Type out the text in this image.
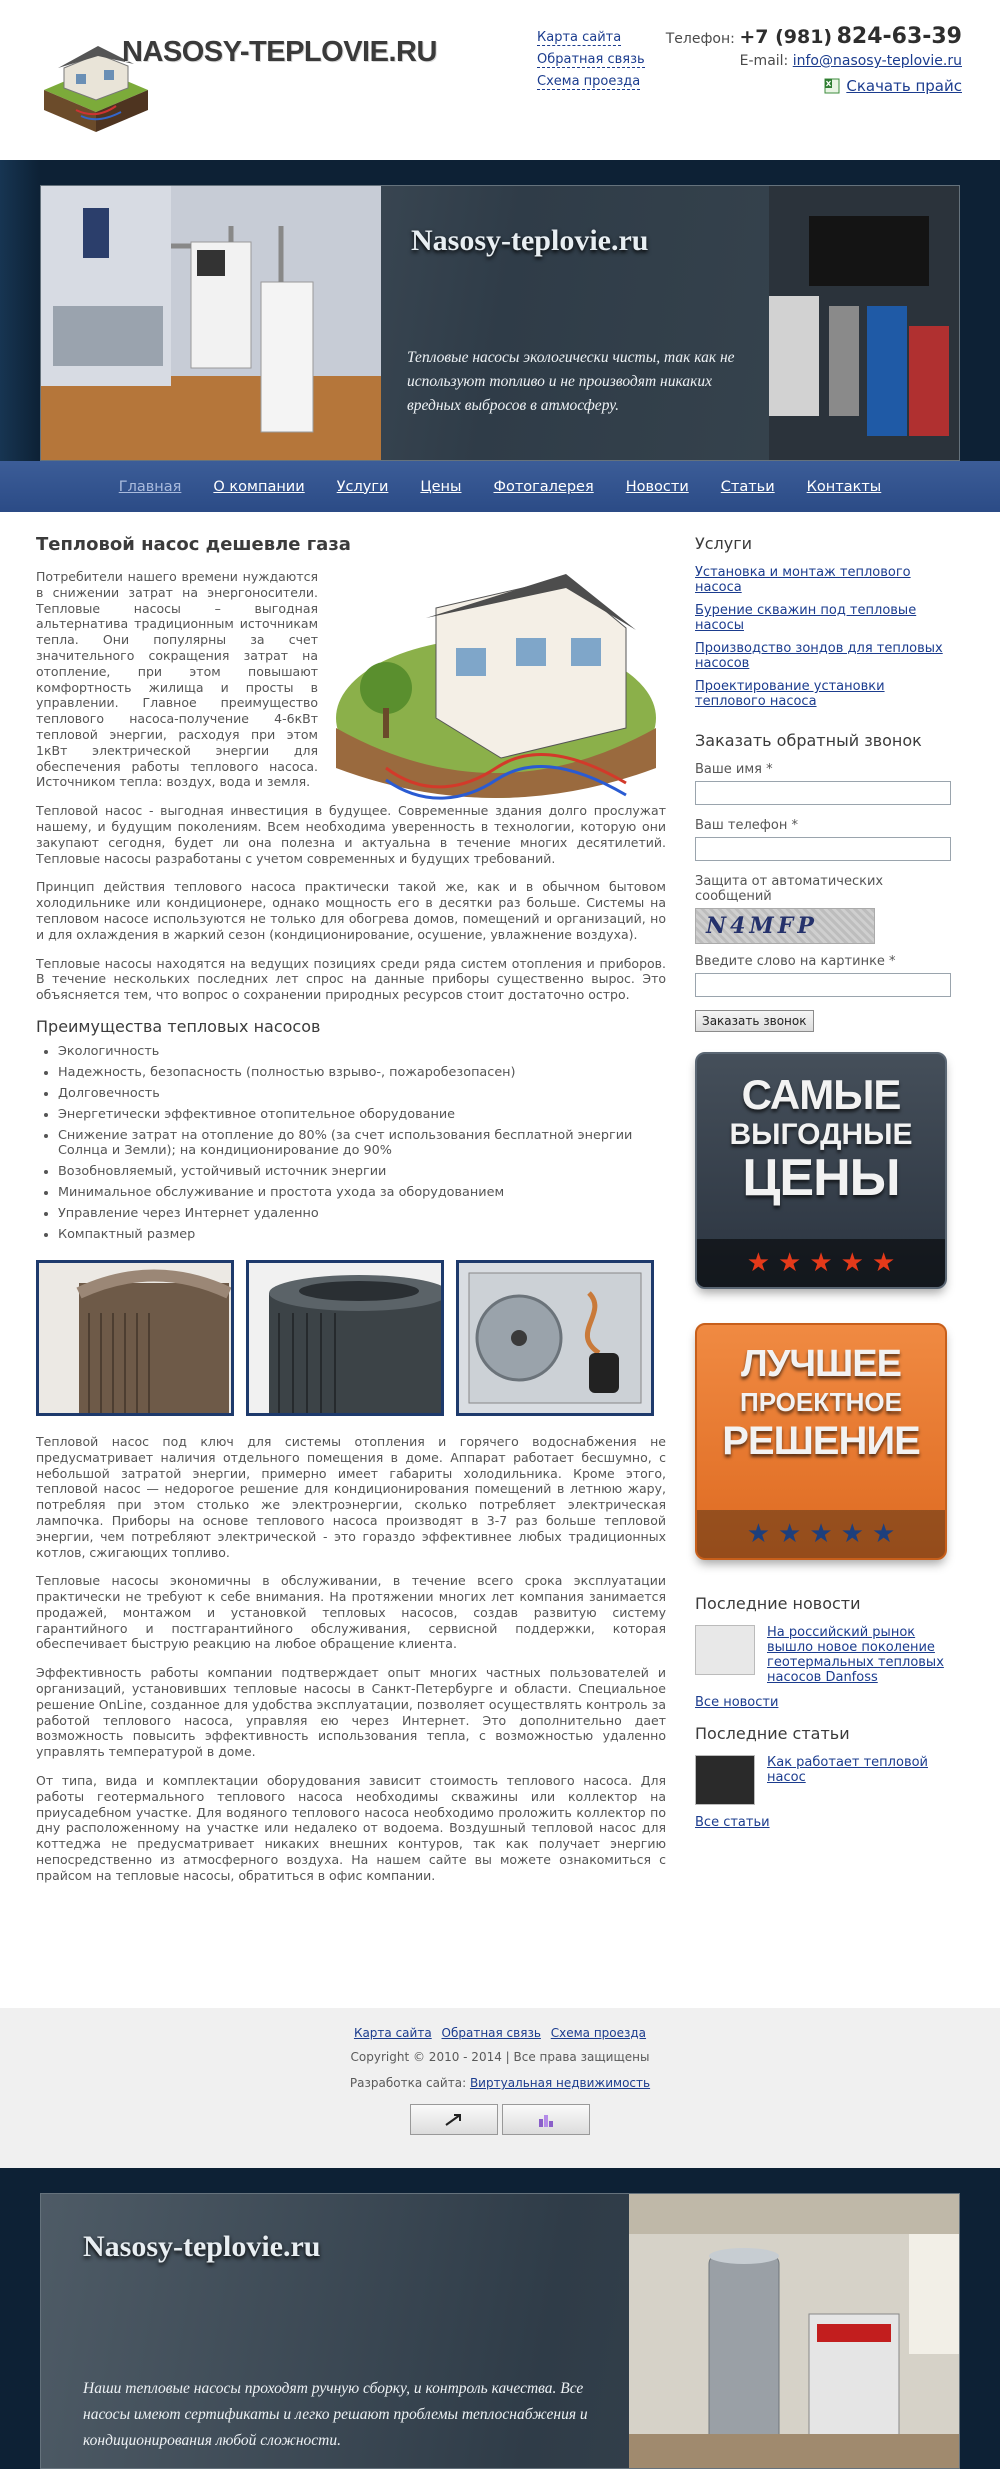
NASOSY-TEPLOVIE.RU	Карта сайта
Обратная связь
Схема проезда
Телефон: +7 (981) 824-63-39
E-mail: info@nasosy-teplovie.ru
Скачать прайс
Nasosy-teplovie.ru
Тепловые насосы экологически чисты, так как не используют топливо и не производят никаких вредных выбросов в атмосферу.
Главная О компании Услуги Цены Фотогалерея Новости Статьи Контакты
Тепловой насос дешевле газа

Потребители нашего времени нуждаются в снижении затрат на энергоносители. Тепловые насосы – выгодная альтернатива традиционным источникам тепла. Они популярны за счет значительного сокращения затрат на отопление, при этом повышают комфортность жилища и просты в управлении. Главное преимущество теплового насоса-получение 4-6кВт тепловой энергии, расходуя при этом 1кВт электрической энергии для обеспечения работы теплового насоса. Источником тепла: воздух, вода и земля.

Тепловой насос - выгодная инвестиция в будущее. Современные здания долго прослужат нашему, и будущим поколениям. Всем необходима уверенность в технологии, которую они закупают сегодня, будет ли она полезна и актуальна в течение многих десятилетий. Тепловые насосы разработаны с учетом современных и будущих требований.

Принцип действия теплового насоса практически такой же, как и в обычном бытовом холодильнике или кондиционере, однако мощность его в десятки раз больше. Системы на тепловом насосе используются не только для обогрева домов, помещений и организаций, но и для охлаждения в жаркий сезон (кондиционирование, осушение, увлажнение воздуха).

Тепловые насосы находятся на ведущих позициях среди ряда систем отопления и приборов. В течение нескольких последних лет спрос на данные приборы существенно вырос. Это объясняется тем, что вопрос о сохранении природных ресурсов стоит достаточно остро.

Преимущества тепловых насосов
• Экологичность
• Надежность, безопасность (полностью взрыво-, пожаробезопасен)
• Долговечность
• Энергетически эффективное отопительное оборудование
• Снижение затрат на отопление до 80% (за счет использования бесплатной энергии Солнца и Земли); на кондиционирование до 90%
• Возобновляемый, устойчивый источник энергии
• Минимальное обслуживание и простота ухода за оборудованием
• Управление через Интернет удаленно
• Компактный размер

Тепловой насос под ключ для системы отопления и горячего водоснабжения не предусматривает наличия отдельного помещения в доме. Аппарат работает бесшумно, с небольшой затратой энергии, примерно имеет габариты холодильника. Кроме этого, тепловой насос — недорогое решение для кондиционирования помещений в летнюю жару, потребляя при этом столько же электроэнергии, сколько потребляет электрическая лампочка. Приборы на основе теплового насоса производят в 3-7 раз больше тепловой энергии, чем потребляют электрической - это гораздо эффективнее любых традиционных котлов, сжигающих топливо.

Тепловые насосы экономичны в обслуживании, в течение всего срока эксплуатации практически не требуют к себе внимания. На протяжении многих лет компания занимается продажей, монтажом и установкой тепловых насосов, создав развитую систему гарантийного и постгарантийного обслуживания, сервисной поддержки, которая обеспечивает быструю реакцию на любое обращение клиента.

Эффективность работы компании подтверждает опыт многих частных пользователей и организаций, установивших тепловые насосы в Санкт-Петербурге и области. Специальное решение OnLine, созданное для удобства эксплуатации, позволяет осуществлять контроль за работой теплового насоса, управляя ею через Интернет. Это дополнительно дает возможность повысить эффективность использования тепла, с возможностью удаленно управлять температурой в доме.

От типа, вида и комплектации оборудования зависит стоимость теплового насоса. Для работы геотермального теплового насоса необходимы скважины или коллектор на приусадебном участке. Для водяного теплового насоса необходимо проложить коллектор по дну расположенному на участке или недалеко от водоема. Воздушный тепловой насос для коттеджа не предусматривает никаких внешних контуров, так как получает энергию непосредственно из атмосферного воздуха. На нашем сайте вы можете ознакомиться с прайсом на тепловые насосы, обратиться в офис компании.

Услуги
Установка и монтаж теплового насоса
Бурение скважин под тепловые насосы
Производство зондов для тепловых насосов
Проектирование установки теплового насоса
Заказать обратный звонок
Ваше имя *
Ваш телефон *
Защита от автоматических сообщений
N4MFP
Введите слово на картинке *
Заказать звонок
САМЫЕ
ВЫГОДНЫЕ
ЦЕНЫ
★ ★ ★ ★ ★
ЛУЧШЕЕ
ПРОЕКТНОЕ
РЕШЕНИЕ
★ ★ ★ ★ ★
Последние новости
На российский рынок вышло новое поколение геотермальных тепловых насосов Danfoss
Все новости
Последние статьи
Как работает тепловой насос
Все статьи
Карта сайта Обратная связь Схема проезда
Copyright © 2010 - 2014 | Все права защищены
Разработка сайта: Виртуальная недвижимость
Nasosy-teplovie.ru
Наши тепловые насосы проходят ручную сборку, и контроль качества. Все насосы имеют сертификаты и легко решают проблемы теплоснабжения и кондиционирования любой сложности.
